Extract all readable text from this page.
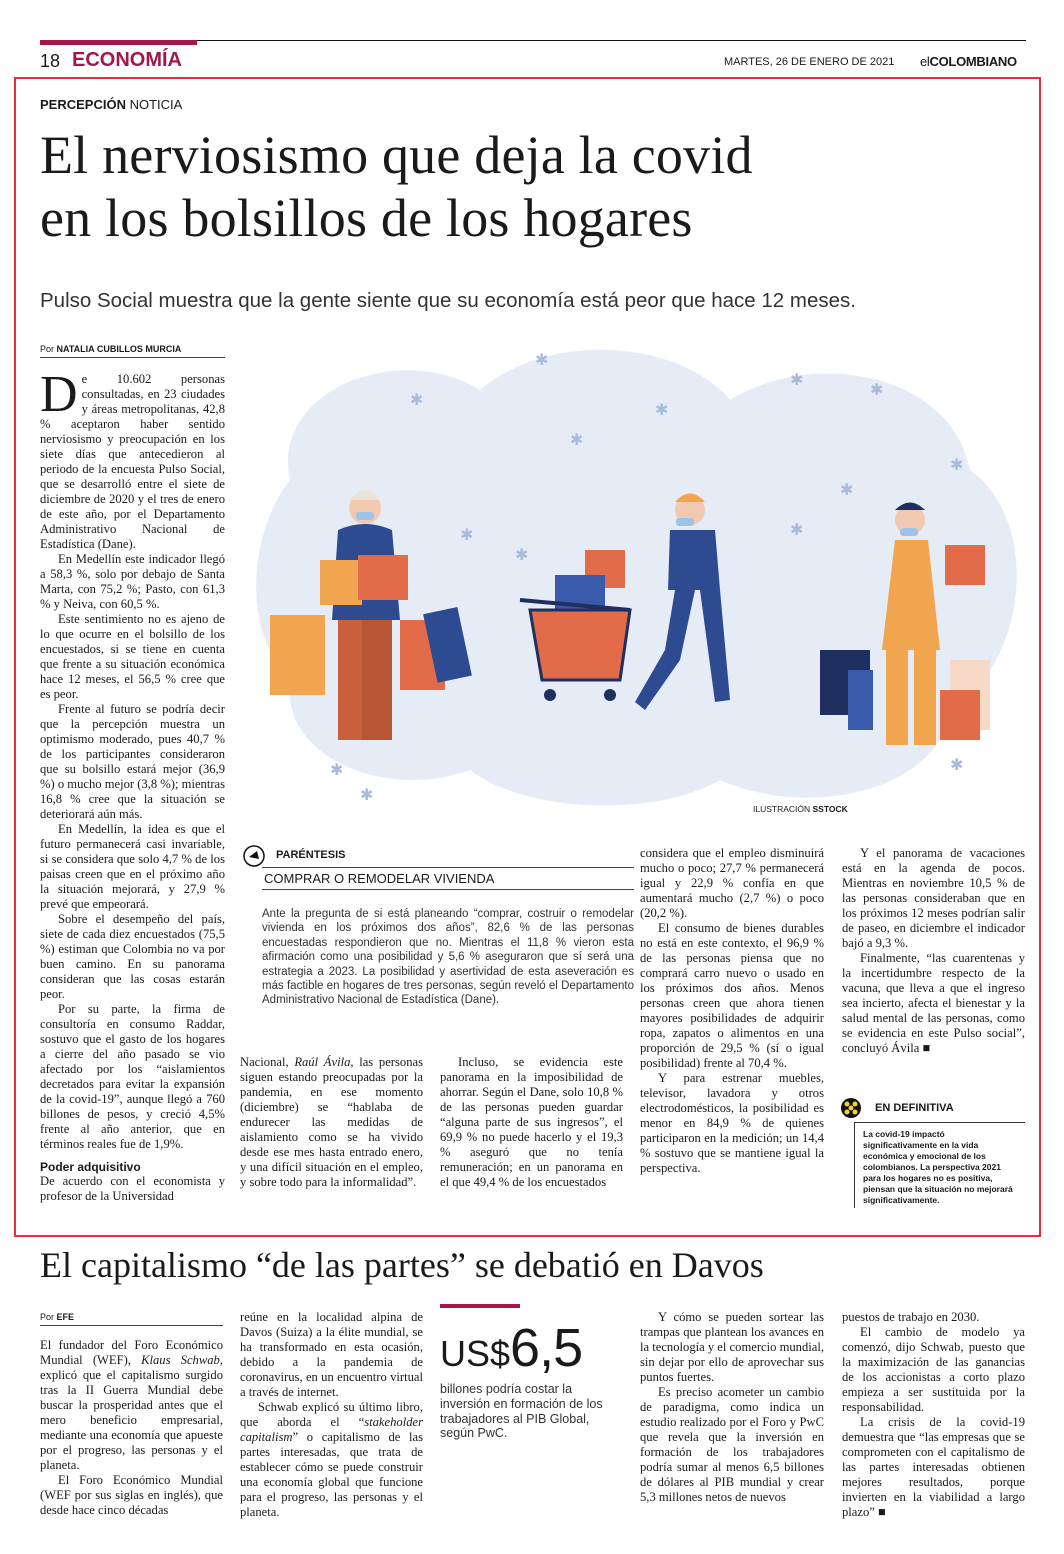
18 ECONOMÍA	MARTES, 26 DE ENERO DE 2021 elCOLOMBIANO
PERCEPCIÓN NOTICIA
El nerviosismo que deja la covid
en los bolsillos de los hogares
Pulso Social muestra que la gente siente que su economía está peor que hace 12 meses.
Por NATALIA CUBILLOS MURCIA

De 10.602 personas consultadas, en 23 ciudades y áreas metropolitanas, 42,8 % aceptaron haber sentido nerviosismo y preocupación en los siete días que antecedieron al periodo de la encuesta Pulso Social, que se desarrolló entre el siete de diciembre de 2020 y el tres de enero de este año, por el Departamento Administrativo Nacional de Estadística (Dane).

En Medellín este indicador llegó a 58,3 %, solo por debajo de Santa Marta, con 75,2 %; Pasto, con 61,3 % y Neiva, con 60,5 %.

Este sentimiento no es ajeno de lo que ocurre en el bolsillo de los encuestados, si se tiene en cuenta que frente a su situación económica hace 12 meses, el 56,5 % cree que es peor.

Frente al futuro se podría decir que la percepción muestra un optimismo moderado, pues 40,7 % de los participantes consideraron que su bolsillo estará mejor (36,9 %) o mucho mejor (3,8 %); mientras 16,8 % cree que la situación se deteriorará aún más.

En Medellín, la idea es que el futuro permanecerá casi invariable, si se considera que solo 4,7 % de los paisas creen que en el próximo año la situación mejorará, y 27,9 % prevé que empeorará.

Sobre el desempeño del país, siete de cada diez encuestados (75,5 %) estiman que Colombia no va por buen camino. En su panorama consideran que las cosas estarán peor.

Por su parte, la firma de consultoría en consumo Raddar, sostuvo que el gasto de los hogares a cierre del año pasado se vio afectado por los “aislamientos decretados para evitar la expansión de la covid-19”, aunque llegó a 760 billones de pesos, y creció 4,5% frente al año anterior, que en términos reales fue de 1,9%.

Poder adquisitivo

De acuerdo con el economista y profesor de la Universidad

✱
✱
✱
✱
✱
✱
✱
✱
✱
✱
✱
✱
✱
✱
ILUSTRACIÓN SSTOCK
PARÉNTESIS
COMPRAR O REMODELAR VIVIENDA
Ante la pregunta de si está planeando “comprar, costruir o remodelar vivienda en los próximos dos años”, 82,6 % de las personas encuestadas respondieron que no. Mientras el 11,8 % vieron esta afirmación como una posibilidad y 5,6 % aseguraron que sí será una estrategia a 2023. La posibilidad y asertividad de esta aseveración es más factible en hogares de tres personas, según reveló el Departamento Administrativo Nacional de Estadística (Dane).

Nacional, Raúl Ávila, las personas siguen estando preocupadas por la pandemia, en ese momento (diciembre) se “hablaba de endurecer las medidas de aislamiento como se ha vivido desde ese mes hasta entrado enero, y una difícil situación en el empleo, y sobre todo para la informalidad”.

Incluso, se evidencia este panorama en la imposibilidad de ahorrar. Según el Dane, solo 10,8 % de las personas pueden guardar “alguna parte de sus ingresos”, el 69,9 % no puede hacerlo y el 19,3 % aseguró que no tenía remuneración; en un panorama en el que 49,4 % de los encuestados

considera que el empleo disminuirá mucho o poco; 27,7 % permanecerá igual y 22,9 % confía en que aumentará mucho (2,7 %) o poco (20,2 %).

El consumo de bienes durables no está en este contexto, el 96,9 % de las personas piensa que no comprará carro nuevo o usado en los próximos dos años. Menos personas creen que ahora tienen mayores posibilidades de adquirir ropa, zapatos o alimentos en una proporción de 29,5 % (sí o igual posibilidad) frente al 70,4 %.

Y para estrenar muebles, televisor, lavadora y otros electrodomésticos, la posibilidad es menor en 84,9 % de quienes participaron en la medición; un 14,4 % sostuvo que se mantiene igual la perspectiva.

Y el panorama de vacaciones está en la agenda de pocos. Mientras en noviembre 10,5 % de las personas consideraban que en los próximos 12 meses podrían salir de paseo, en diciembre el indicador bajó a 9,3 %.

Finalmente, “las cuarentenas y la incertidumbre respecto de la vacuna, que lleva a que el ingreso sea incierto, afecta el bienestar y la salud mental de las personas, como se evidencia en este Pulso social”, concluyó Ávila ■

EN DEFINITIVA
La covid-19 impactó significativamente en la vida económica y emocional de los colombianos. La perspectiva 2021 para los hogares no es positiva, piensan que la situación no mejorará significativamente.
El capitalismo “de las partes” se debatió en Davos
Por EFE

El fundador del Foro Económico Mundial (WEF), Klaus Schwab, explicó que el capitalismo surgido tras la II Guerra Mundial debe buscar la prosperidad antes que el mero beneficio empresarial, mediante una economía que apueste por el progreso, las personas y el planeta.

El Foro Económico Mundial (WEF por sus siglas en inglés), que desde hace cinco décadas

reúne en la localidad alpina de Davos (Suiza) a la élite mundial, se ha transformado en esta ocasión, debido a la pandemia de coronavirus, en un encuentro virtual a través de internet.

Schwab explicó su último libro, que aborda el “stakeholder capitalism” o capitalismo de las partes interesadas, que trata de establecer cómo se puede construir una economía global que funcione para el progreso, las personas y el planeta.

US$6,5
billones podría costar la inversión en formación de los trabajadores al PIB Global, según PwC.

Y cómo se pueden sortear las trampas que plantean los avances en la tecnología y el comercio mundial, sin dejar por ello de aprovechar sus puntos fuertes.

Es preciso acometer un cambio de paradigma, como indica un estudio realizado por el Foro y PwC que revela que la inversión en formación de los trabajadores podría sumar al menos 6,5 billones de dólares al PIB mundial y crear 5,3 millones netos de nuevos

puestos de trabajo en 2030.

El cambio de modelo ya comenzó, dijo Schwab, puesto que la maximización de las ganancias de los accionistas a corto plazo empieza a ser sustituida por la responsabilidad.

La crisis de la covid-19 demuestra que “las empresas que se comprometen con el capitalismo de las partes interesadas obtienen mejores resultados, porque invierten en la viabilidad a largo plazo” ■
